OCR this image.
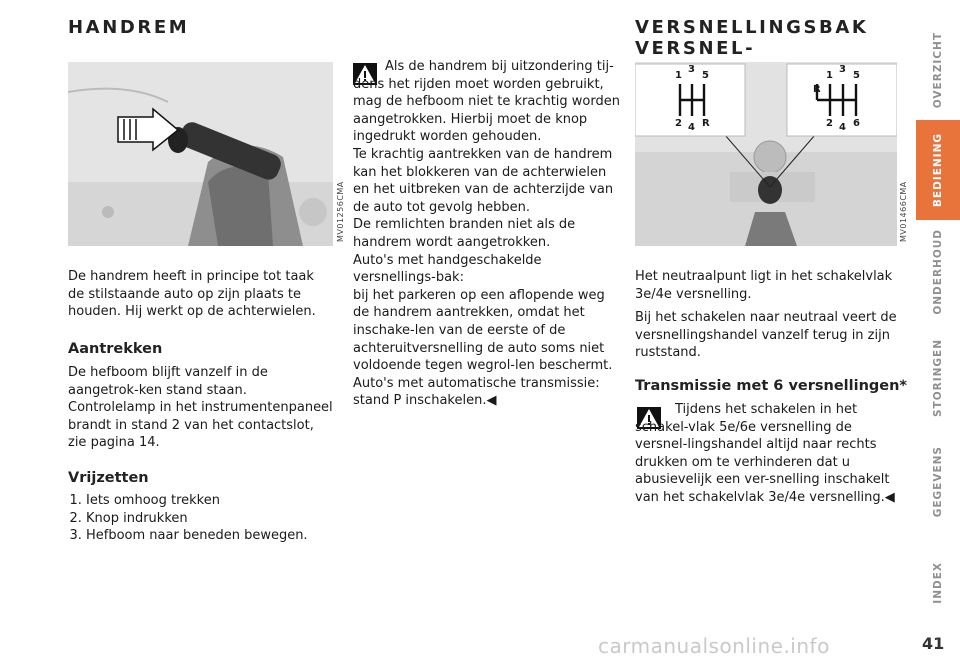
HANDREM
MV01256CMA
De handrem heeft in principe tot taak de stilstaande auto op zijn plaats te houden. Hij werkt op de achterwielen.
Aantrekken
De hefboom blijft vanzelf in de aangetrok-ken stand staan.
Controlelamp in het instrumentenpaneel brandt in stand 2 van het contactslot, zie pagina 14.
Vrijzetten
1. Iets omhoog trekken
2. Knop indrukken
3. Hefboom naar beneden bewegen.
Als de handrem bij uitzondering tij-dens het rijden moet worden gebruikt, mag de hefboom niet te krachtig worden aangetrokken. Hierbij moet de knop ingedrukt worden gehouden.
Te krachtig aantrekken van de handrem kan het blokkeren van de achterwielen en het uitbreken van de achterzijde van de auto tot gevolg hebben.
De remlichten branden niet als de handrem wordt aangetrokken.
Auto's met handgeschakelde versnellings-bak:
bij het parkeren op een aflopende weg de handrem aantrekken, omdat het inschake-len van de eerste of de achteruitversnelling de auto soms niet voldoende tegen wegrol-len beschermt.
Auto's met automatische transmissie:
stand P inschakelen.◀
VERSNELLINGSBAK VERSNEL-
1
3
5
2 4 R
R
1
3
5
2 4 6
MV01466CMA

Het neutraalpunt ligt in het schakelvlak 3e/4e versnelling.

Bij het schakelen naar neutraal veert de versnellingshandel vanzelf terug in zijn ruststand.

Transmissie met 6 versnellingen*
Tijdens het schakelen in het schakel-vlak 5e/6e versnelling de versnel-lingshandel altijd naar rechts drukken om te verhinderen dat u abusievelijk een ver-snelling inschakelt van het schakelvlak 3e/4e versnelling.◀
OVERZICHT
BEDIENING
ONDERHOUD
STORINGEN
GEGEVENS
INDEX
carmanualsonline.info	41
